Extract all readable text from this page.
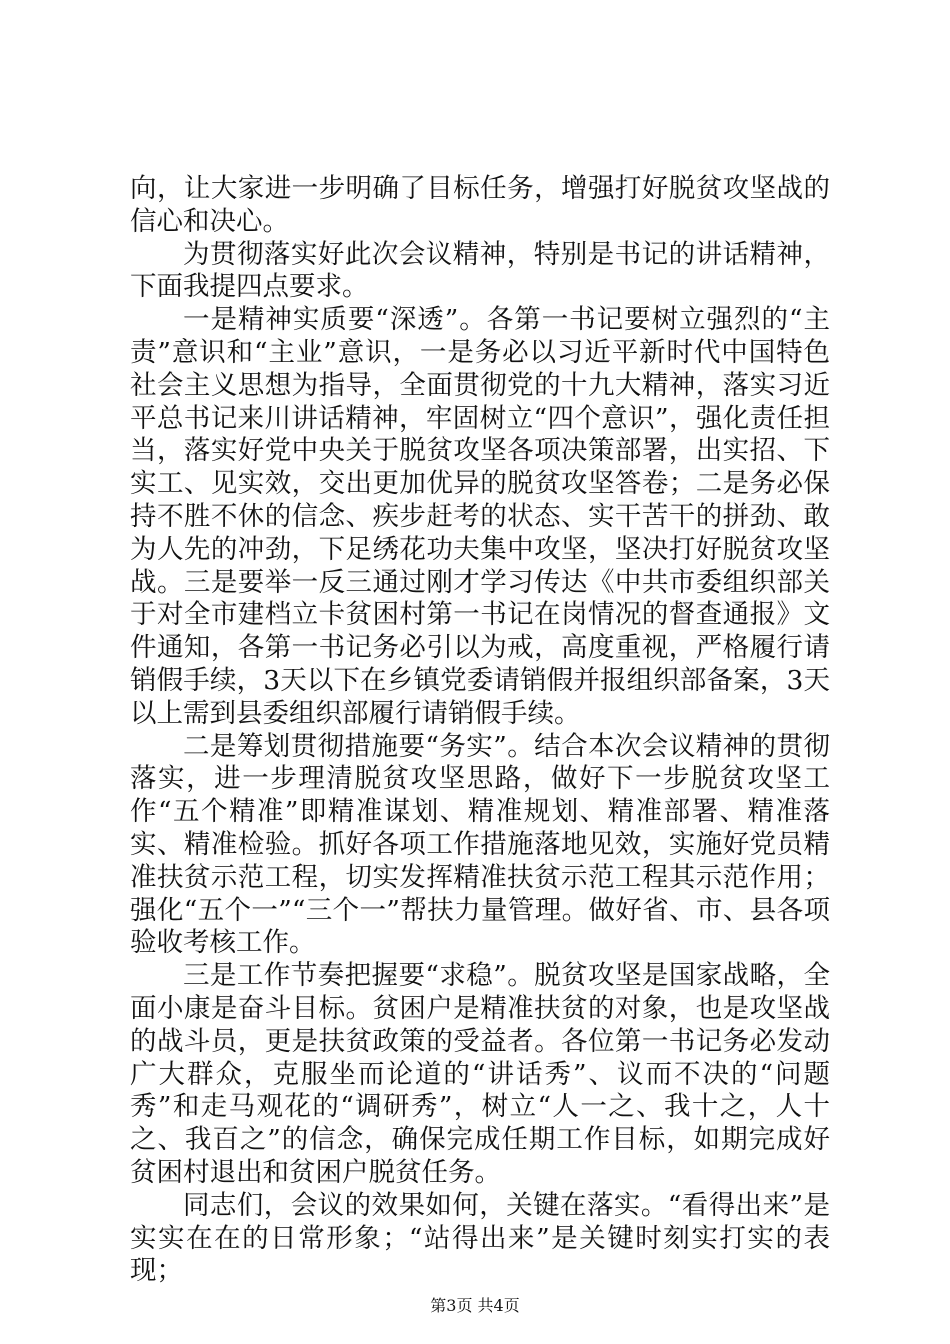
向，让大家进一步明确了目标任务，增强打好脱贫攻坚战的信心和决心。

为贯彻落实好此次会议精神，特别是书记的讲话精神，下面我提四点要求。

一是精神实质要“深透”。各第一书记要树立强烈的“主责”意识和“主业”意识，一是务必以习近平新时代中国特色社会主义思想为指导，全面贯彻党的十九大精神，落实习近平总书记来川讲话精神，牢固树立“四个意识”，强化责任担当，落实好党中央关于脱贫攻坚各项决策部署，出实招、下实工、见实效，交出更加优异的脱贫攻坚答卷；二是务必保持不胜不休的信念、疾步赶考的状态、实干苦干的拼劲、敢为人先的冲劲，下足绣花功夫集中攻坚，坚决打好脱贫攻坚战。三是要举一反三通过刚才学习传达《中共市委组织部关于对全市建档立卡贫困村第一书记在岗情况的督查通报》文件通知，各第一书记务必引以为戒，高度重视，严格履行请销假手续，3天以下在乡镇党委请销假并报组织部备案，3天以上需到县委组织部履行请销假手续。

二是筹划贯彻措施要“务实”。结合本次会议精神的贯彻落实，进一步理清脱贫攻坚思路，做好下一步脱贫攻坚工作“五个精准”即精准谋划、精准规划、精准部署、精准落实、精准检验。抓好各项工作措施落地见效，实施好党员精准扶贫示范工程，切实发挥精准扶贫示范工程其示范作用；强化“五个一”“三个一”帮扶力量管理。做好省、市、县各项验收考核工作。

三是工作节奏把握要“求稳”。脱贫攻坚是国家战略，全面小康是奋斗目标。贫困户是精准扶贫的对象，也是攻坚战的战斗员，更是扶贫政策的受益者。各位第一书记务必发动广大群众，克服坐而论道的“讲话秀”、议而不决的“问题秀”和走马观花的“调研秀”，树立“人一之、我十之，人十之、我百之”的信念，确保完成任期工作目标，如期完成好贫困村退出和贫困户脱贫任务。

同志们，会议的效果如何，关键在落实。“看得出来”是实实在在的日常形象；“站得出来”是关键时刻实打实的表现；

第3页 共4页
